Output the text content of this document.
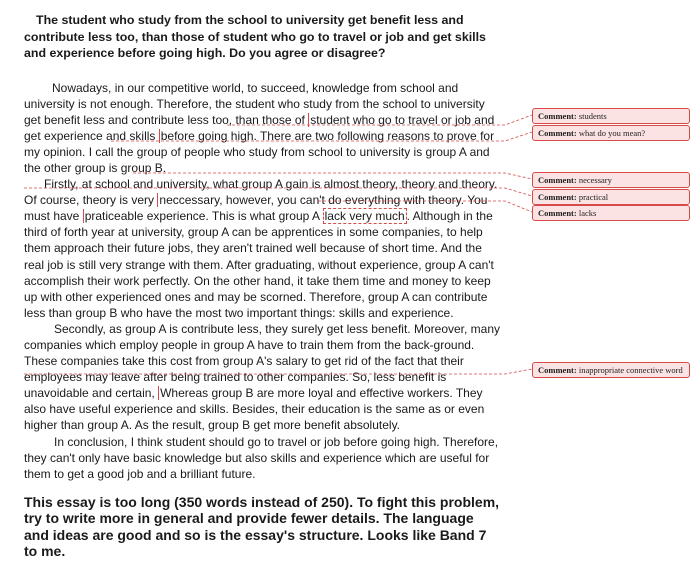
The student who study from the school to university get benefit less and contribute less too, than those of student who go to travel or job and get skills and experience before going high. Do you agree or disagree?

Nowadays, in our competitive world, to succeed, knowledge from school and university is not enough. Therefore, the student who study from the school to university get benefit less and contribute less too, than those of student who go to travel or job and get experience and skills before going high. There are two following reasons to prove for my opinion. I call the group of people who study from school to university is group A and the other group is group B.

Firstly, at school and university, what group A gain is almost theory, theory and theory. Of course, theory is very neccessary, however, you can't do everything with theory. You must have praticeable experience. This is what group A lack very much . Although in the third of forth year at university, group A can be apprentices in some companies, to help them approach their future jobs, they aren't trained well because of short time. And the real job is still very strange with them. After graduating, without experience, group A can't accomplish their work perfectly. On the other hand, it take them time and money to keep up with other experienced ones and may be scorned. Therefore, group A can contribute less than group B who have the most two important things: skills and experience.

Secondly, as group A is contribute less, they surely get less benefit. Moreover, many companies which employ people in group A have to train them from the back-ground. These companies take this cost from group A's salary to get rid of the fact that their employees may leave after being trained to other companies. So, less benefit is unavoidable and certain, Whereas group B are more loyal and effective workers. They also have useful experience and skills. Besides, their education is the same as or even higher than group A. As the result, group B get more benefit absolutely.

In conclusion, I think student should go to travel or job before going high. Therefore, they can't only have basic knowledge but also skills and experience which are useful for them to get a good job and a brilliant future.

This essay is too long (350 words instead of 250). To fight this problem, try to write more in general and provide fewer details. The language and ideas are good and so is the essay's structure. Looks like Band 7 to me.

Comment: students
Comment: what do you mean?
Comment: necessary
Comment: practical
Comment: lacks
Comment: inappropriate connective word
